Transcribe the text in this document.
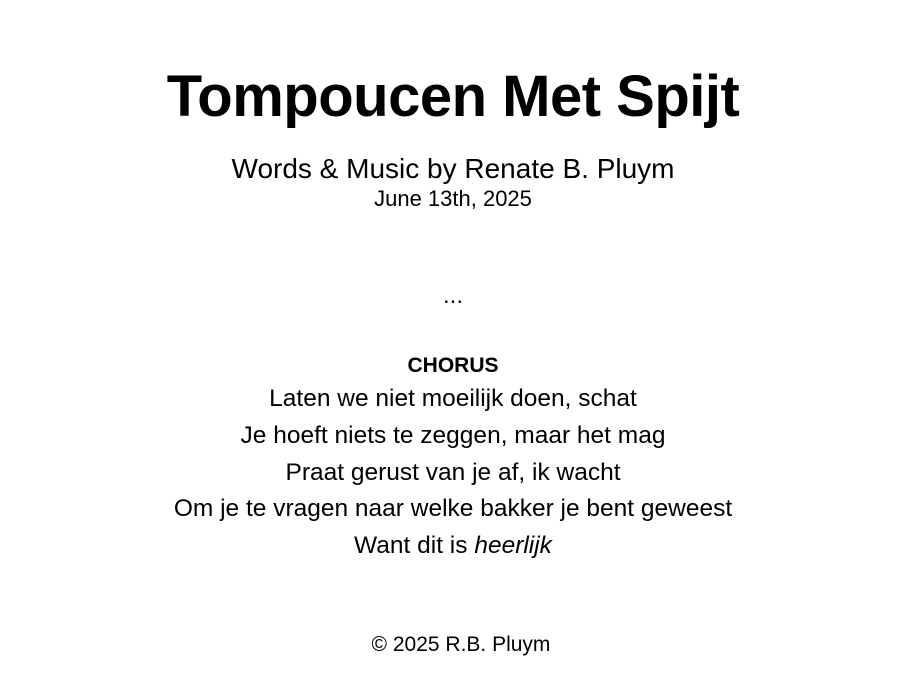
Tompoucen Met Spijt
Words & Music by Renate B. Pluym
June 13th, 2025
...
CHORUS
Laten we niet moeilijk doen, schat
Je hoeft niets te zeggen, maar het mag
Praat gerust van je af, ik wacht
Om je te vragen naar welke bakker je bent geweest
Want dit is heerlijk
© 2025 R.B. Pluym
